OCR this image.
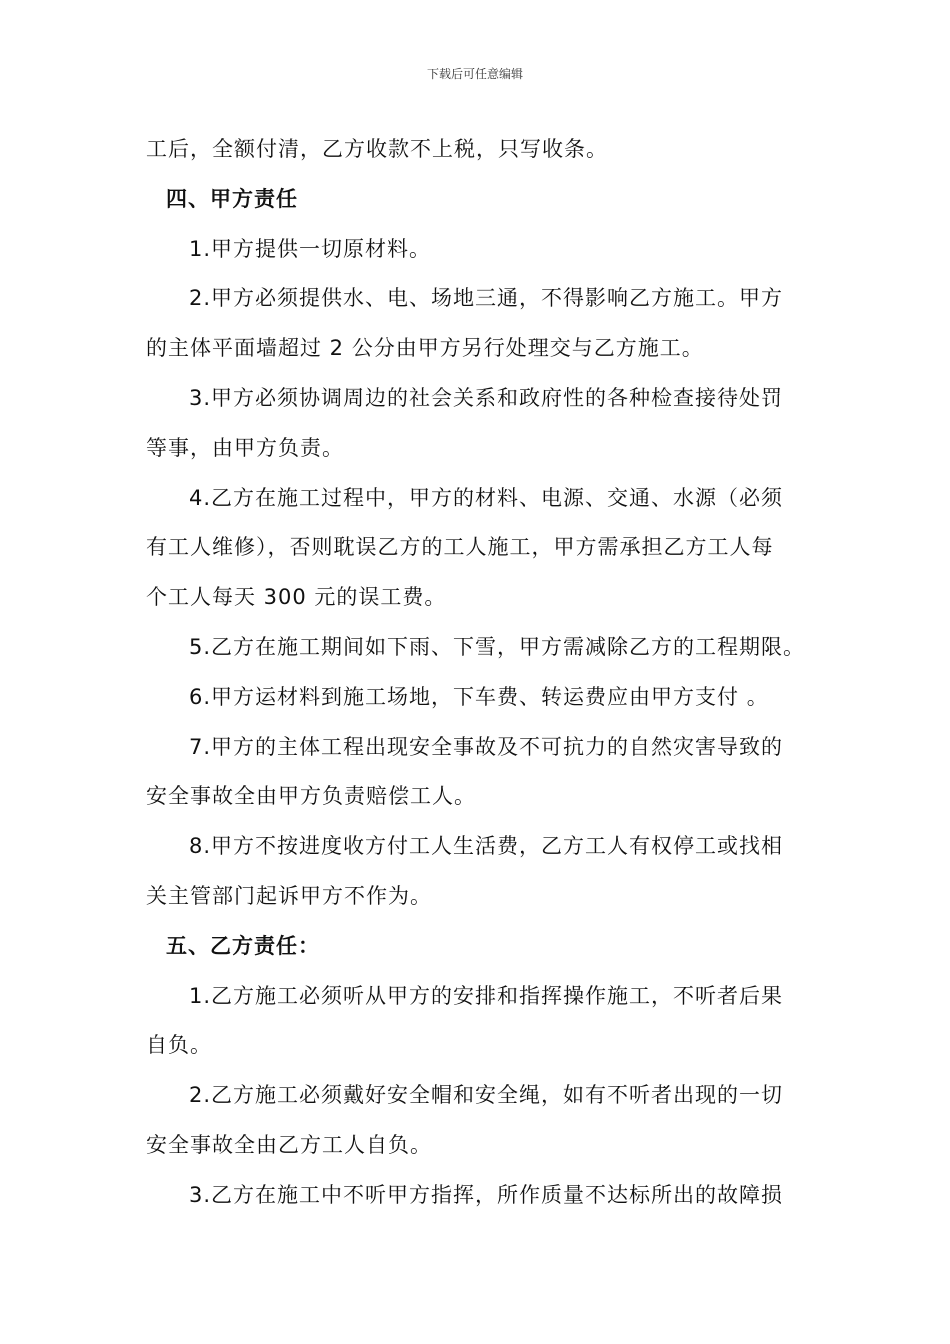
下载后可任意编辑

工后，全额付清，乙方收款不上税，只写收条。

四、甲方责任

1.甲方提供一切原材料。

2.甲方必须提供水、电、场地三通，不得影响乙方施工。甲方

的主体平面墙超过 2 公分由甲方另行处理交与乙方施工。

3.甲方必须协调周边的社会关系和政府性的各种检查接待处罚

等事，由甲方负责。

4.乙方在施工过程中，甲方的材料、电源、交通、水源（必须

有工人维修），否则耽误乙方的工人施工，甲方需承担乙方工人每

个工人每天 300 元的误工费。

5.乙方在施工期间如下雨、下雪，甲方需减除乙方的工程期限。

6.甲方运材料到施工场地，下车费、转运费应由甲方支付 。

7.甲方的主体工程出现安全事故及不可抗力的自然灾害导致的

安全事故全由甲方负责赔偿工人。

8.甲方不按进度收方付工人生活费，乙方工人有权停工或找相

关主管部门起诉甲方不作为。

五、乙方责任：

1.乙方施工必须听从甲方的安排和指挥操作施工，不听者后果

自负。

2.乙方施工必须戴好安全帽和安全绳，如有不听者出现的一切

安全事故全由乙方工人自负。

3.乙方在施工中不听甲方指挥，所作质量不达标所出的故障损
